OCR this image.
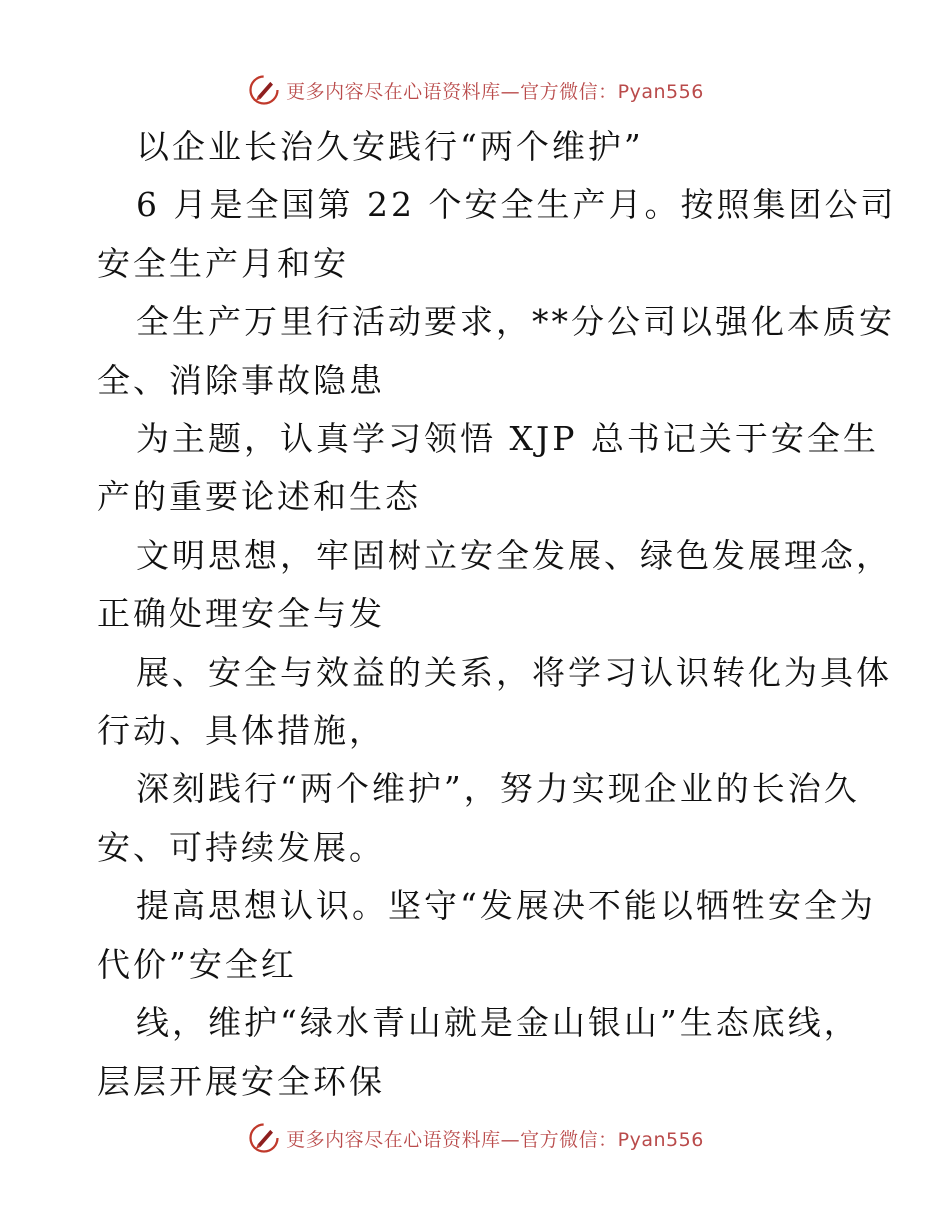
更多内容尽在心语资料库—官方微信：Pyan556
以企业长治久安践行“两个维护”

6 月是全国第 22 个安全生产月。按照集团公司
安全生产月和安

全生产万里行活动要求，**分公司以强化本质安
全、消除事故隐患

为主题，认真学习领悟 XJP 总书记关于安全生
产的重要论述和生态

文明思想，牢固树立安全发展、绿色发展理念，
正确处理安全与发

展、安全与效益的关系，将学习认识转化为具体
行动、具体措施，

深刻践行“两个维护”，努力实现企业的长治久
安、可持续发展。

提高思想认识。坚守“发展决不能以牺牲安全为
代价”安全红

线，维护“绿水青山就是金山银山”生态底线，
层层开展安全环保

更多内容尽在心语资料库—官方微信：Pyan556
